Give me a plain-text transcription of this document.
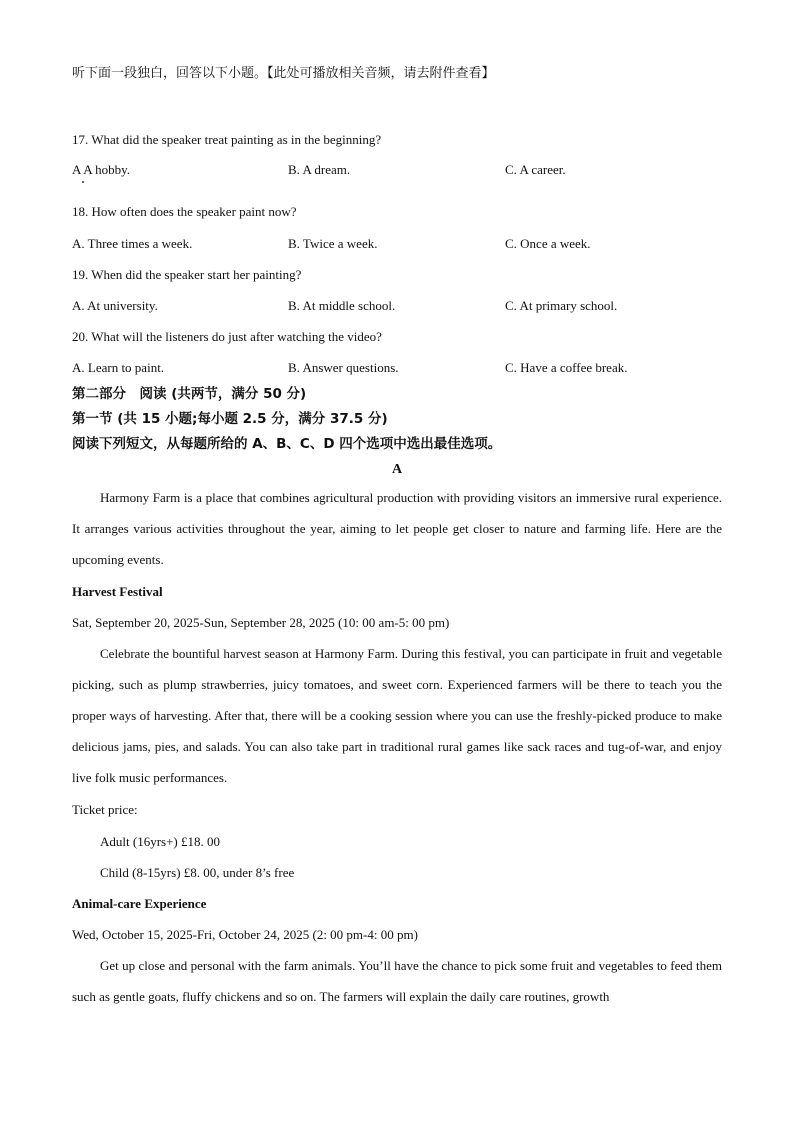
听下面一段独白，回答以下小题。【此处可播放相关音频，请去附件查看】
17. What did the speaker treat painting as in the beginning?
A A hobby.	B. A dream.	C. A career.
18. How often does the speaker paint now?
A. Three times a week.	B. Twice a week.	C. Once a week.
19. When did the speaker start her painting?
A. At university.	B. At middle school.	C. At primary school.
20. What will the listeners do just after watching the video?
A. Learn to paint.	B. Answer questions.	C. Have a coffee break.
第二部分　阅读 (共两节，满分 50 分)
第一节 (共 15 小题;每小题 2.5 分，满分 37.5 分)
阅读下列短文，从每题所给的 A、B、C、D 四个选项中选出最佳选项。
A
Harmony Farm is a place that combines agricultural production with providing visitors an immersive rural experience. It arranges various activities throughout the year, aiming to let people get closer to nature and farming life. Here are the upcoming events.
Harvest Festival
Sat, September 20, 2025-Sun, September 28, 2025 (10: 00 am-5: 00 pm)
Celebrate the bountiful harvest season at Harmony Farm. During this festival, you can participate in fruit and vegetable picking, such as plump strawberries, juicy tomatoes, and sweet corn. Experienced farmers will be there to teach you the proper ways of harvesting. After that, there will be a cooking session where you can use the freshly-picked produce to make delicious jams, pies, and salads. You can also take part in traditional rural games like sack races and tug-of-war, and enjoy live folk music performances.
Ticket price:
Adult (16yrs+) £18. 00
Child (8-15yrs) £8. 00, under 8’s free
Animal-care Experience
Wed, October 15, 2025-Fri, October 24, 2025 (2: 00 pm-4: 00 pm)
Get up close and personal with the farm animals. You’ll have the chance to pick some fruit and vegetables to feed them such as gentle goats, fluffy chickens and so on. The farmers will explain the daily care routines, growth
